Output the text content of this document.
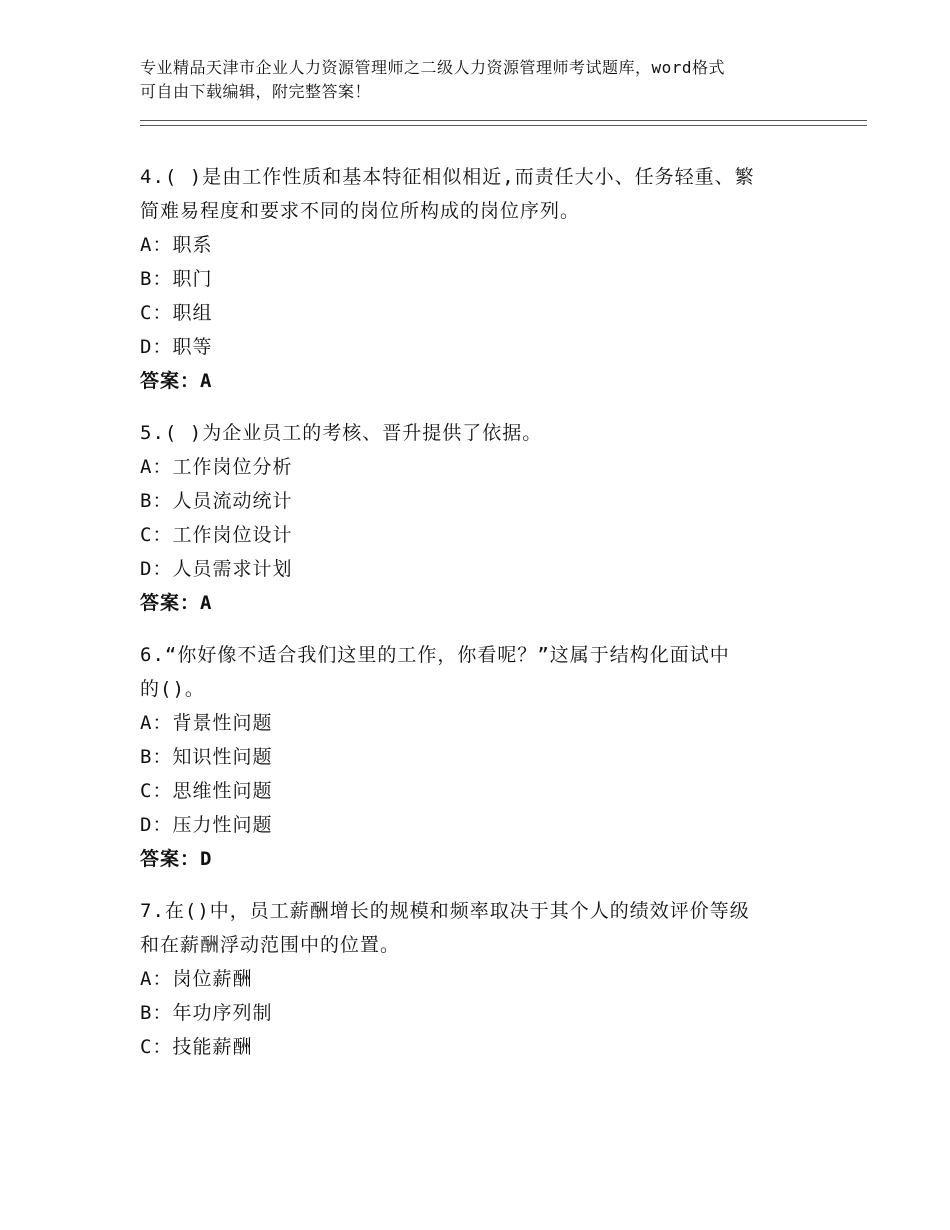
专业精品天津市企业人力资源管理师之二级人力资源管理师考试题库，word格式
可自由下载编辑，附完整答案！

4.( )是由工作性质和基本特征相似相近,而责任大小、任务轻重、繁

简难易程度和要求不同的岗位所构成的岗位序列。

A：职系

B：职门

C：职组

D：职等

答案：A

5.( )为企业员工的考核、晋升提供了依据。

A：工作岗位分析

B：人员流动统计

C：工作岗位设计

D：人员需求计划

答案：A

6.“你好像不适合我们这里的工作，你看呢？”这属于结构化面试中

的()。

A：背景性问题

B：知识性问题

C：思维性问题

D：压力性问题

答案：D

7.在()中，员工薪酬增长的规模和频率取决于其个人的绩效评价等级

和在薪酬浮动范围中的位置。

A：岗位薪酬

B：年功序列制

C：技能薪酬
